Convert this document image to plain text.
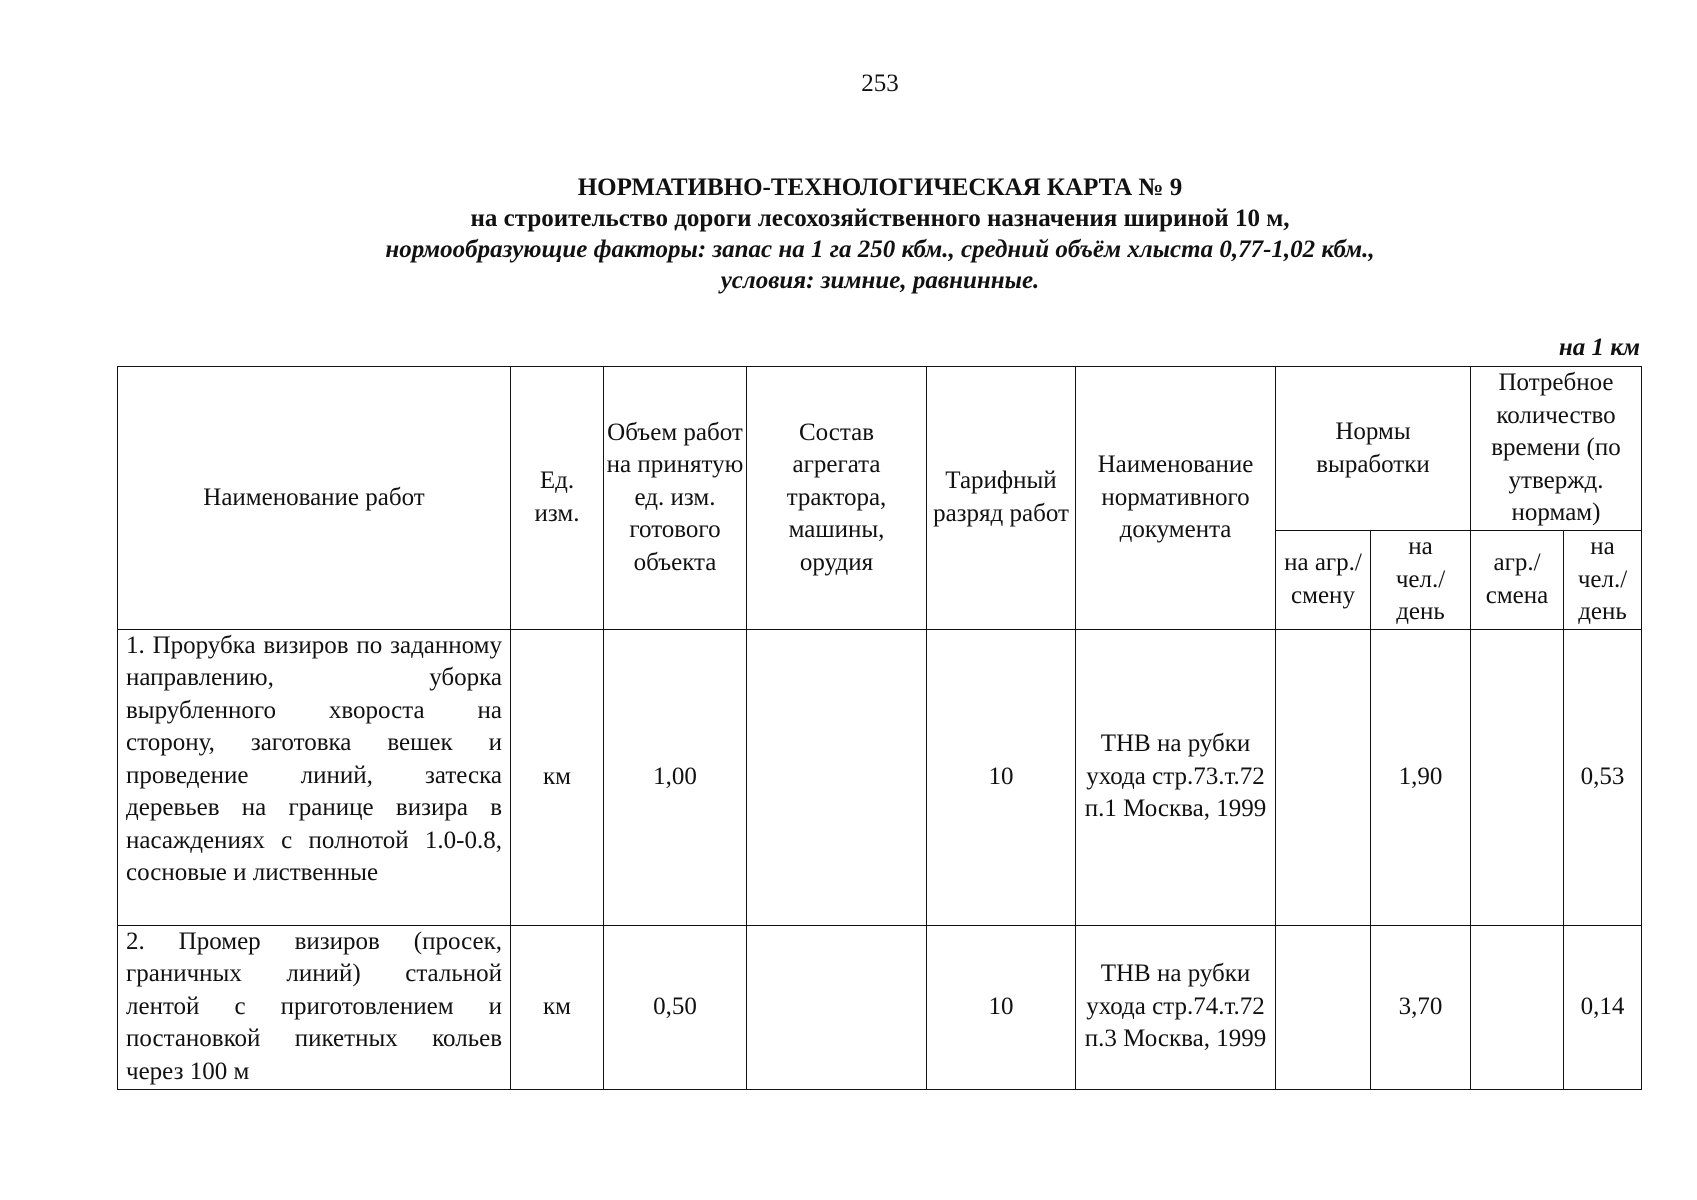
253
НОРМАТИВНО-ТЕХНОЛОГИЧЕСКАЯ КАРТА № 9
на строительство дороги лесохозяйственного назначения шириной 10 м,
нормообразующие факторы: запас на 1 га 250 кбм., средний объём хлыста 0,77-1,02 кбм.,
условия: зимние, равнинные.
на 1 км
Наименование работ	Ед. изм.	Объем работ на принятую ед. изм. готового объекта	Состав агрегата трактора, машины, орудия	Тарифный разряд работ	Наименование нормативного документа	Нормы выработки		Потребное количество времени (по утвержд. нормам)	
						на агр./ смену	на чел./ день	агр./ смена	на чел./ день
1. Прорубка визиров по заданному направлению, уборка вырубленного хвороста на сторону, заготовка вешек и проведение линий, затеска деревьев на границе визира в насаждениях с полнотой 1.0-0.8, сосновые и лиственные	км	1,00		10	ТНВ на рубки ухода стр.73.т.72 п.1 Москва, 1999		1,90		0,53
2. Промер визиров (просек, граничных линий) стальной лентой с приготовлением и постановкой пикетных кольев через 100 м	км	0,50		10	ТНВ на рубки ухода стр.74.т.72 п.3 Москва, 1999		3,70		0,14
